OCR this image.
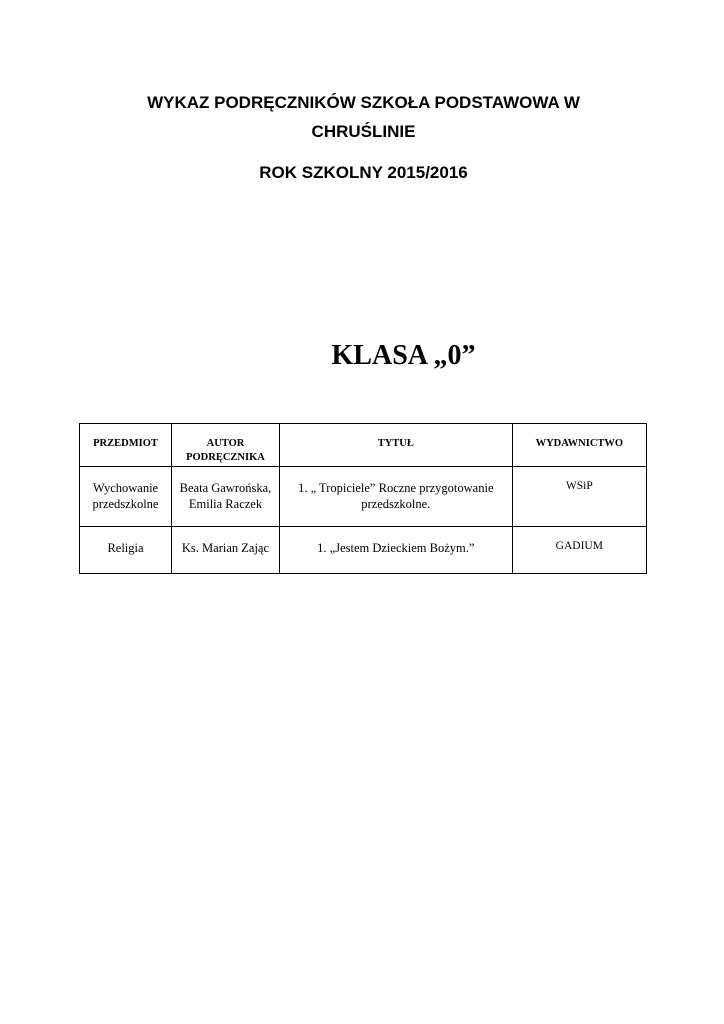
WYKAZ PODRĘCZNIKÓW SZKOŁA PODSTAWOWA W
CHRUŚLINIE
ROK SZKOLNY 2015/2016
KLASA „0”
PRZEDMIOT	AUTOR PODRĘCZNIKA	TYTUŁ	WYDAWNICTWO
Wychowanie przedszkolne	Beata Gawrońska, Emilia Raczek	1. „ Tropiciele” Roczne przygotowanie przedszkolne.	WSiP
Religia	Ks. Marian Zając	1. „Jestem Dzieckiem Bożym.”	GADIUM
